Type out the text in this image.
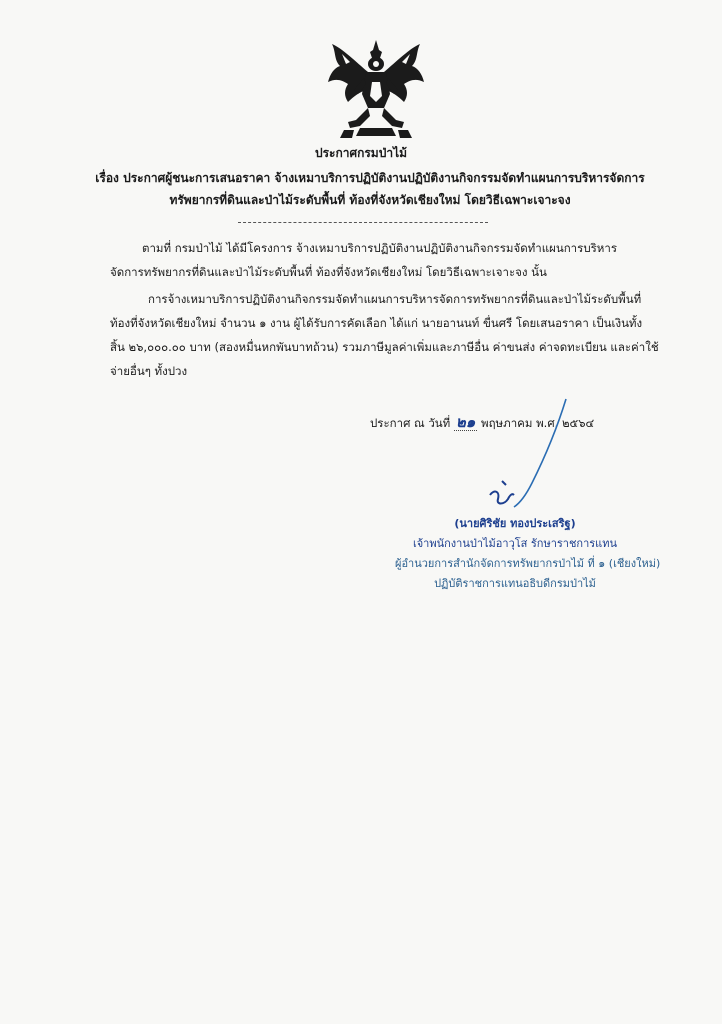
ประกาศกรมป่าไม้
เรื่อง ประกาศผู้ชนะการเสนอราคา จ้างเหมาบริการปฏิบัติงานปฏิบัติงานกิจกรรมจัดทำแผนการบริหารจัดการ
ทรัพยากรที่ดินและป่าไม้ระดับพื้นที่ ท้องที่จังหวัดเชียงใหม่ โดยวิธีเฉพาะเจาะจง
ตามที่ กรมป่าไม้ ได้มีโครงการ จ้างเหมาบริการปฏิบัติงานปฏิบัติงานกิจกรรมจัดทำแผนการบริหาร
จัดการทรัพยากรที่ดินและป่าไม้ระดับพื้นที่ ท้องที่จังหวัดเชียงใหม่ โดยวิธีเฉพาะเจาะจง นั้น
การจ้างเหมาบริการปฏิบัติงานกิจกรรมจัดทำแผนการบริหารจัดการทรัพยากรที่ดินและป่าไม้ระดับพื้นที่
ท้องที่จังหวัดเชียงใหม่ จำนวน ๑ งาน ผู้ได้รับการคัดเลือก ได้แก่ นายอานนท์ ขื่นศรี โดยเสนอราคา เป็นเงินทั้ง
สิ้น ๒๖,๐๐๐.๐๐ บาท (สองหมื่นหกพันบาทถ้วน) รวมภาษีมูลค่าเพิ่มและภาษีอื่น ค่าขนส่ง ค่าจดทะเบียน และค่าใช้
จ่ายอื่นๆ ทั้งปวง
ประกาศ ณ วันที่ ๒๑ พฤษภาคม พ.ศ. ๒๕๖๔
(นายศิริชัย ทองประเสริฐ)
เจ้าพนักงานป่าไม้อาวุโส รักษาราชการแทน
ผู้อำนวยการสำนักจัดการทรัพยากรป่าไม้ ที่ ๑ (เชียงใหม่)
ปฏิบัติราชการแทนอธิบดีกรมป่าไม้
